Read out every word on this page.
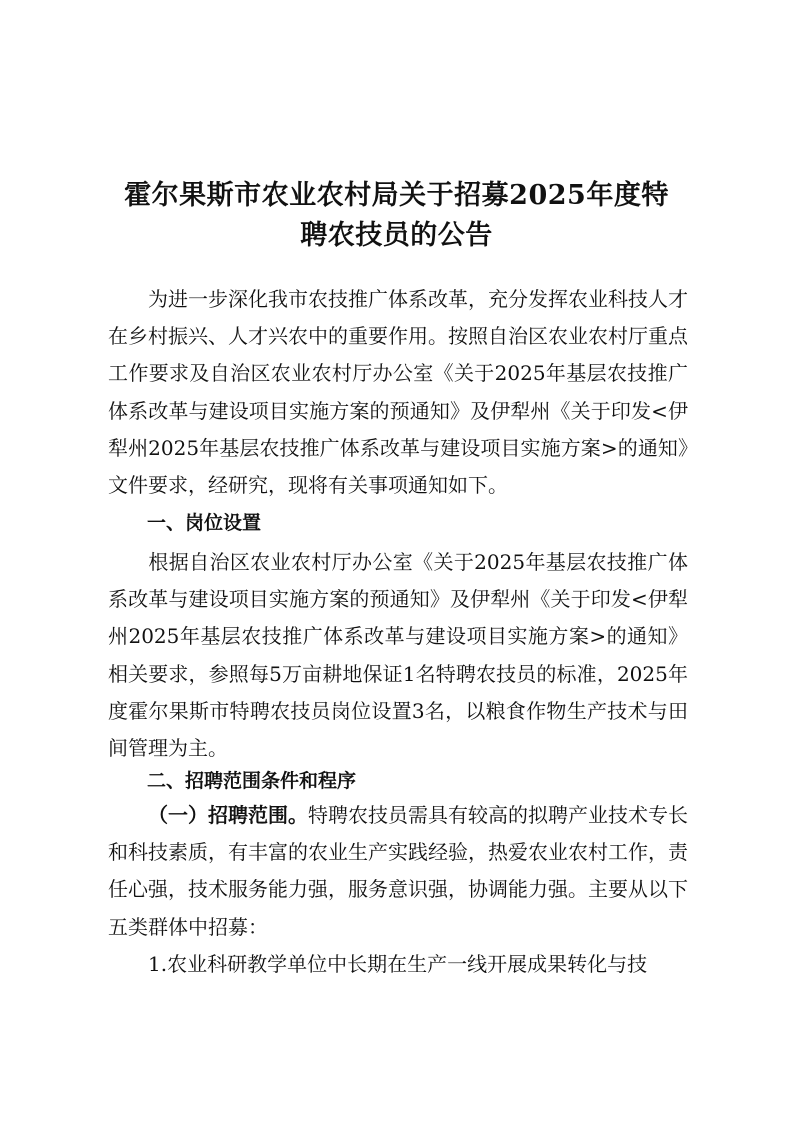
霍尔果斯市农业农村局关于招募2025年度特
聘农技员的公告

为进一步深化我市农技推广体系改革，充分发挥农业科技人才在乡村振兴、人才兴农中的重要作用。按照自治区农业农村厅重点工作要求及自治区农业农村厅办公室《关于2025年基层农技推广体系改革与建设项目实施方案的预通知》及伊犁州《关于印发<伊犁州2025年基层农技推广体系改革与建设项目实施方案>的通知》文件要求，经研究，现将有关事项通知如下。

一、岗位设置

根据自治区农业农村厅办公室《关于2025年基层农技推广体系改革与建设项目实施方案的预通知》及伊犁州《关于印发<伊犁州2025年基层农技推广体系改革与建设项目实施方案>的通知》相关要求，参照每5万亩耕地保证1名特聘农技员的标准，2025年度霍尔果斯市特聘农技员岗位设置3名，以粮食作物生产技术与田间管理为主。

二、招聘范围条件和程序

（一）招聘范围。特聘农技员需具有较高的拟聘产业技术专长和科技素质，有丰富的农业生产实践经验，热爱农业农村工作，责任心强，技术服务能力强，服务意识强，协调能力强。主要从以下五类群体中招募：

1.农业科研教学单位中长期在生产一线开展成果转化与技
